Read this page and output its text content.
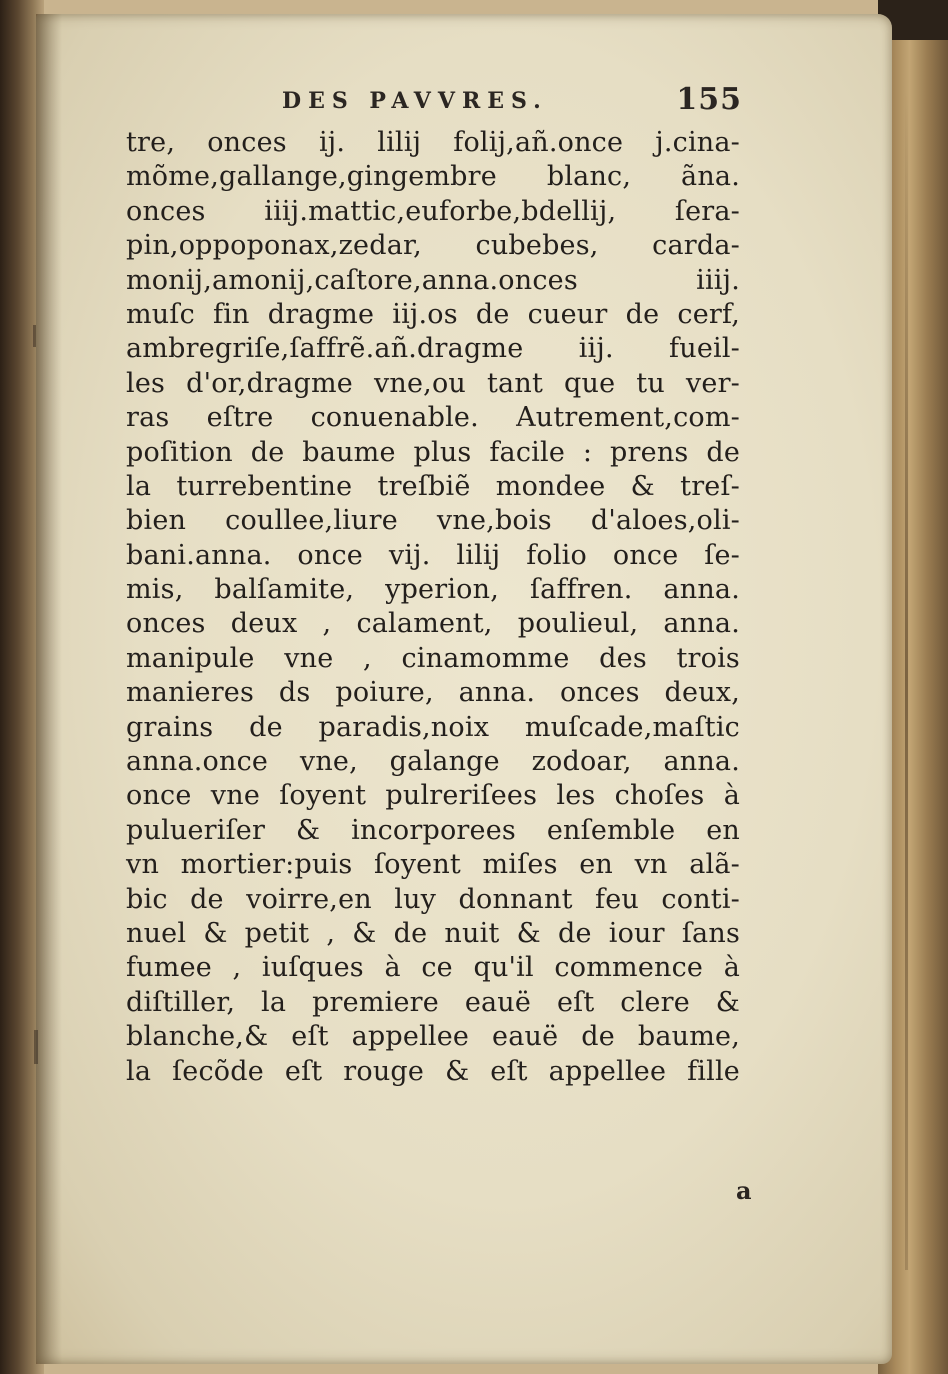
DES PAVVRES.	155
tre, onces ij. lilij folij,añ.once j.cina-
mõme,gallange,gingembre blanc, ãna.
onces iiij.mattic,euforbe,bdellij, ſera-
pin,oppoponax,zedar, cubebes, carda-
monij,amonij,caſtore,anna.onces iiij.
muſc fin dragme iij.os de cueur de cerf,
ambregriſe,ſaffrẽ.añ.dragme iij. fueil-
les d'or,dragme vne,ou tant que tu ver-
ras eſtre conuenable. Autrement,com-
poſition de baume plus facile : prens de
la turrebentine treſbiẽ mondee & treſ-
bien coullee,liure vne,bois d'aloes,oli-
bani.anna. once vij. lilij folio once ſe-
mis, balſamite, yperion, ſaffren. anna.
onces deux , calament, poulieul, anna.
manipule vne , cinamomme des trois
manieres ds poiure, anna. onces deux,
grains de paradis,noix muſcade,maſtic
anna.once vne, galange zodoar, anna.
once vne ſoyent pulreriſees les choſes à
pulueriſer & incorporees enſemble en
vn mortier:puis ſoyent miſes en vn alã-
bic de voirre,en luy donnant feu conti-
nuel & petit , & de nuit & de iour ſans
fumee , iuſques à ce qu'il commence à
diſtiller, la premiere eauë eſt clere &
blanche,& eſt appellee eauë de baume,
la ſecõde eſt rouge & eſt appellee fille
a
